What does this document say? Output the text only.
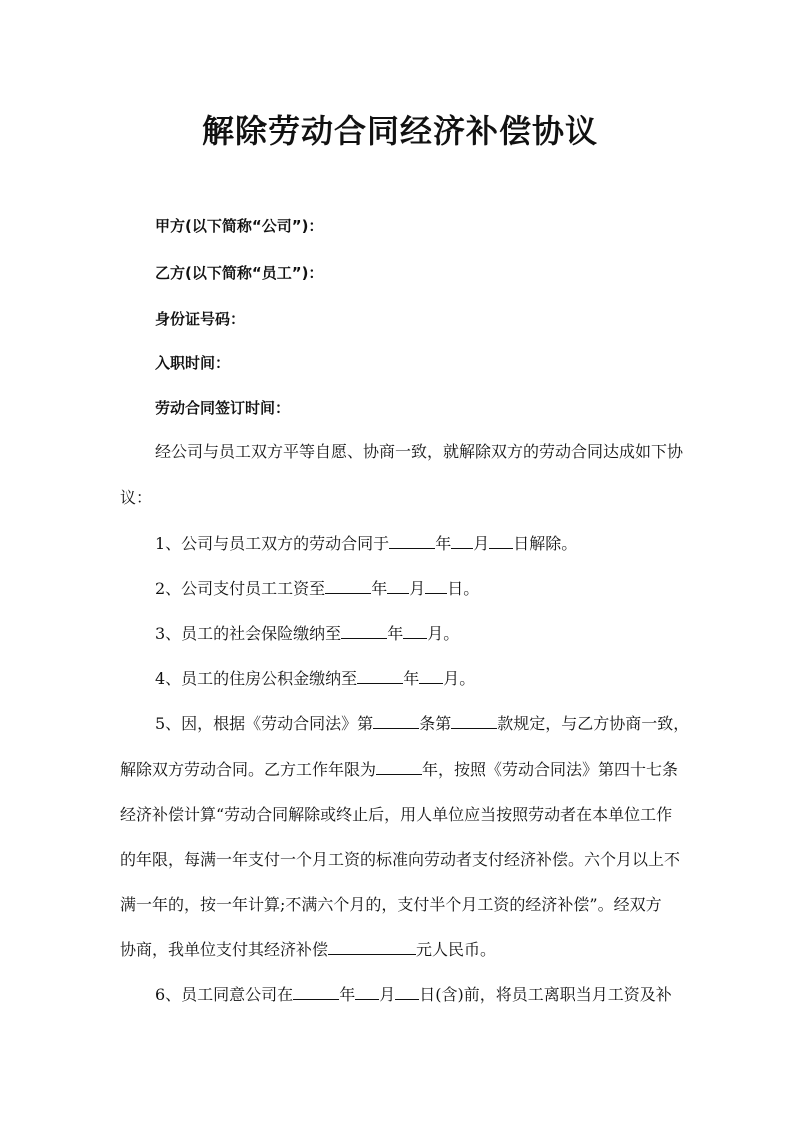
解除劳动合同经济补偿协议
甲方(以下简称“公司”)：
乙方(以下简称“员工”)：
身份证号码：
入职时间：
劳动合同签订时间：
经公司与员工双方平等自愿、协商一致，就解除双方的劳动合同达成如下协
议：
1、公司与员工双方的劳动合同于	年 月 日解除。
2、公司支付员工工资至	年 月 日。
3、员工的社会保险缴纳至	年 月。
4、员工的住房公积金缴纳至	年 月。
5、因，根据《劳动合同法》第	条第	款规定，与乙方协商一致，
解除双方劳动合同。乙方工作年限为	年，按照《劳动合同法》第四十七条
经济补偿计算“劳动合同解除或终止后，用人单位应当按照劳动者在本单位工作
的年限，每满一年支付一个月工资的标准向劳动者支付经济补偿。六个月以上不
满一年的，按一年计算;不满六个月的，支付半个月工资的经济补偿”。经双方
协商，我单位支付其经济补偿	元人民币。
6、员工同意公司在	年 月 日(含)前，将员工离职当月工资及补
